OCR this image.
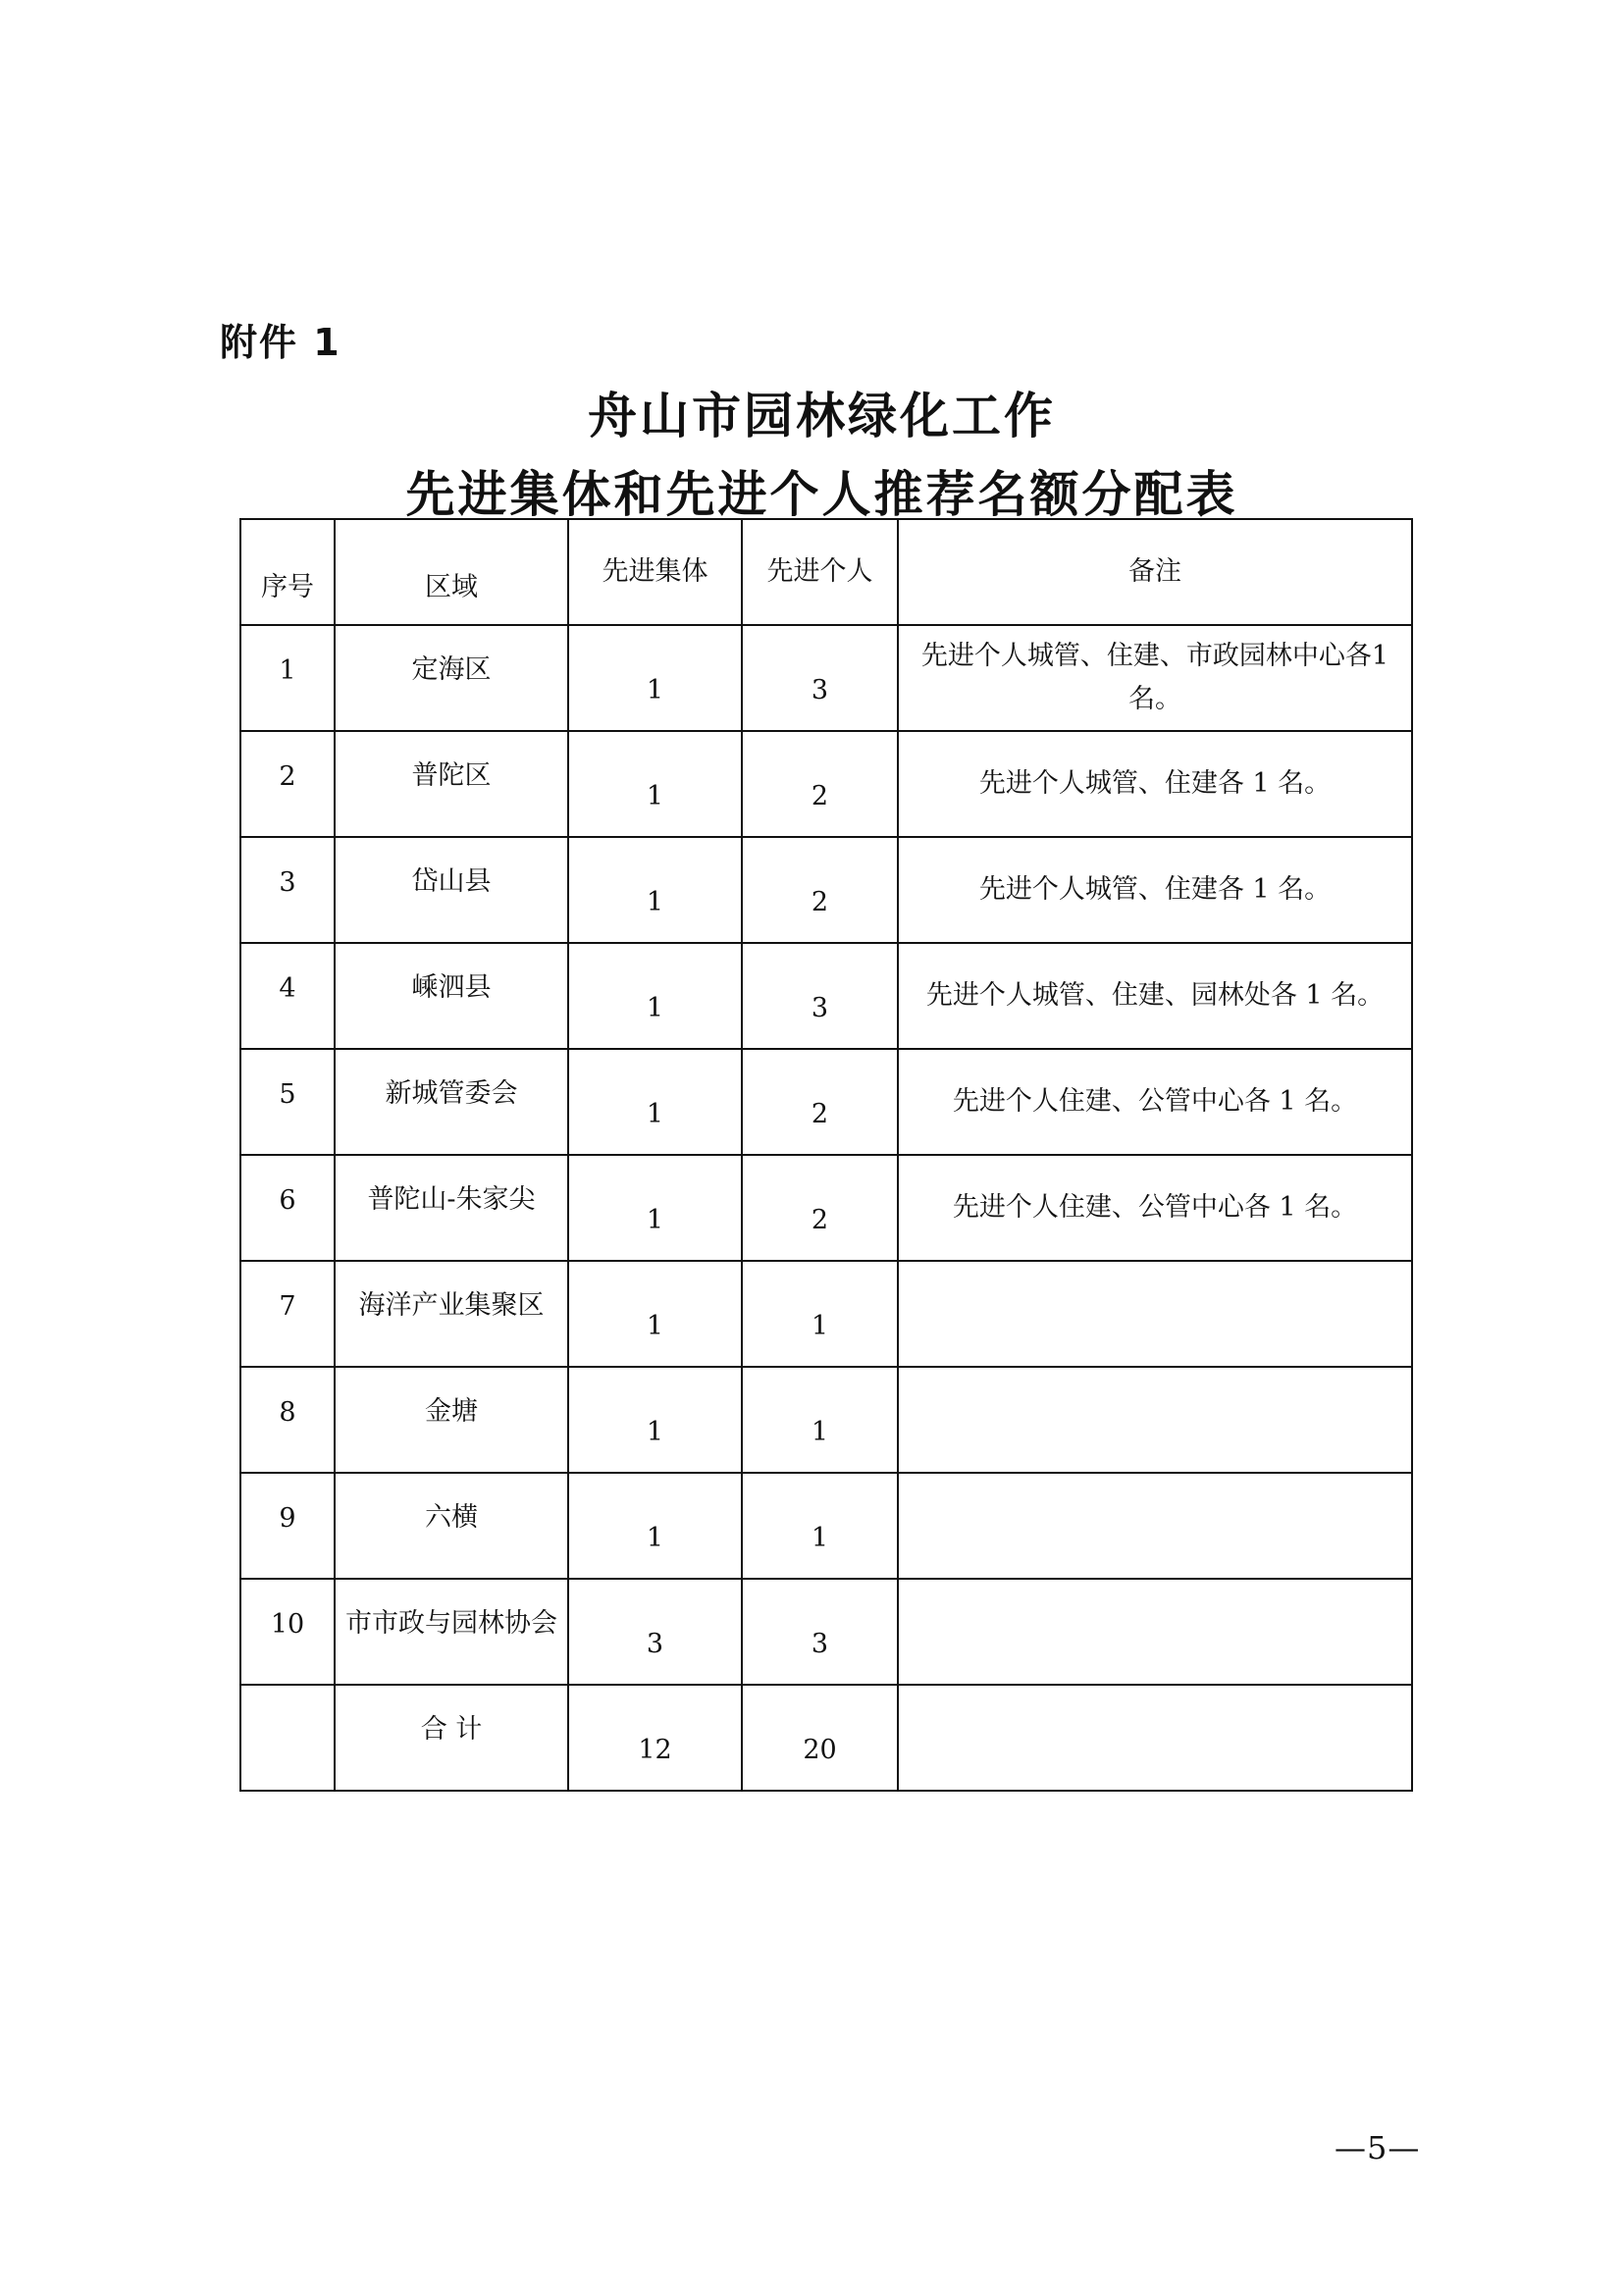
附件 1
舟山市园林绿化工作
先进集体和先进个人推荐名额分配表
序号	区域	先进集体	先进个人	备注

1	定海区	1	3	先进个人城管、住建、市政园林中心各1名。

2	普陀区	1	2	先进个人城管、住建各 1 名。

3	岱山县	1	2	先进个人城管、住建各 1 名。

4	嵊泗县	1	3	先进个人城管、住建、园林处各 1 名。

5	新城管委会	1	2	先进个人住建、公管中心各 1 名。

6	普陀山-朱家尖	1	2	先进个人住建、公管中心各 1 名。

7	海洋产业集聚区	1	1	

8	金塘	1	1	

9	六横	1	1	

10	市市政与园林协会	3	3	

	合 计	12	20	

—5—
